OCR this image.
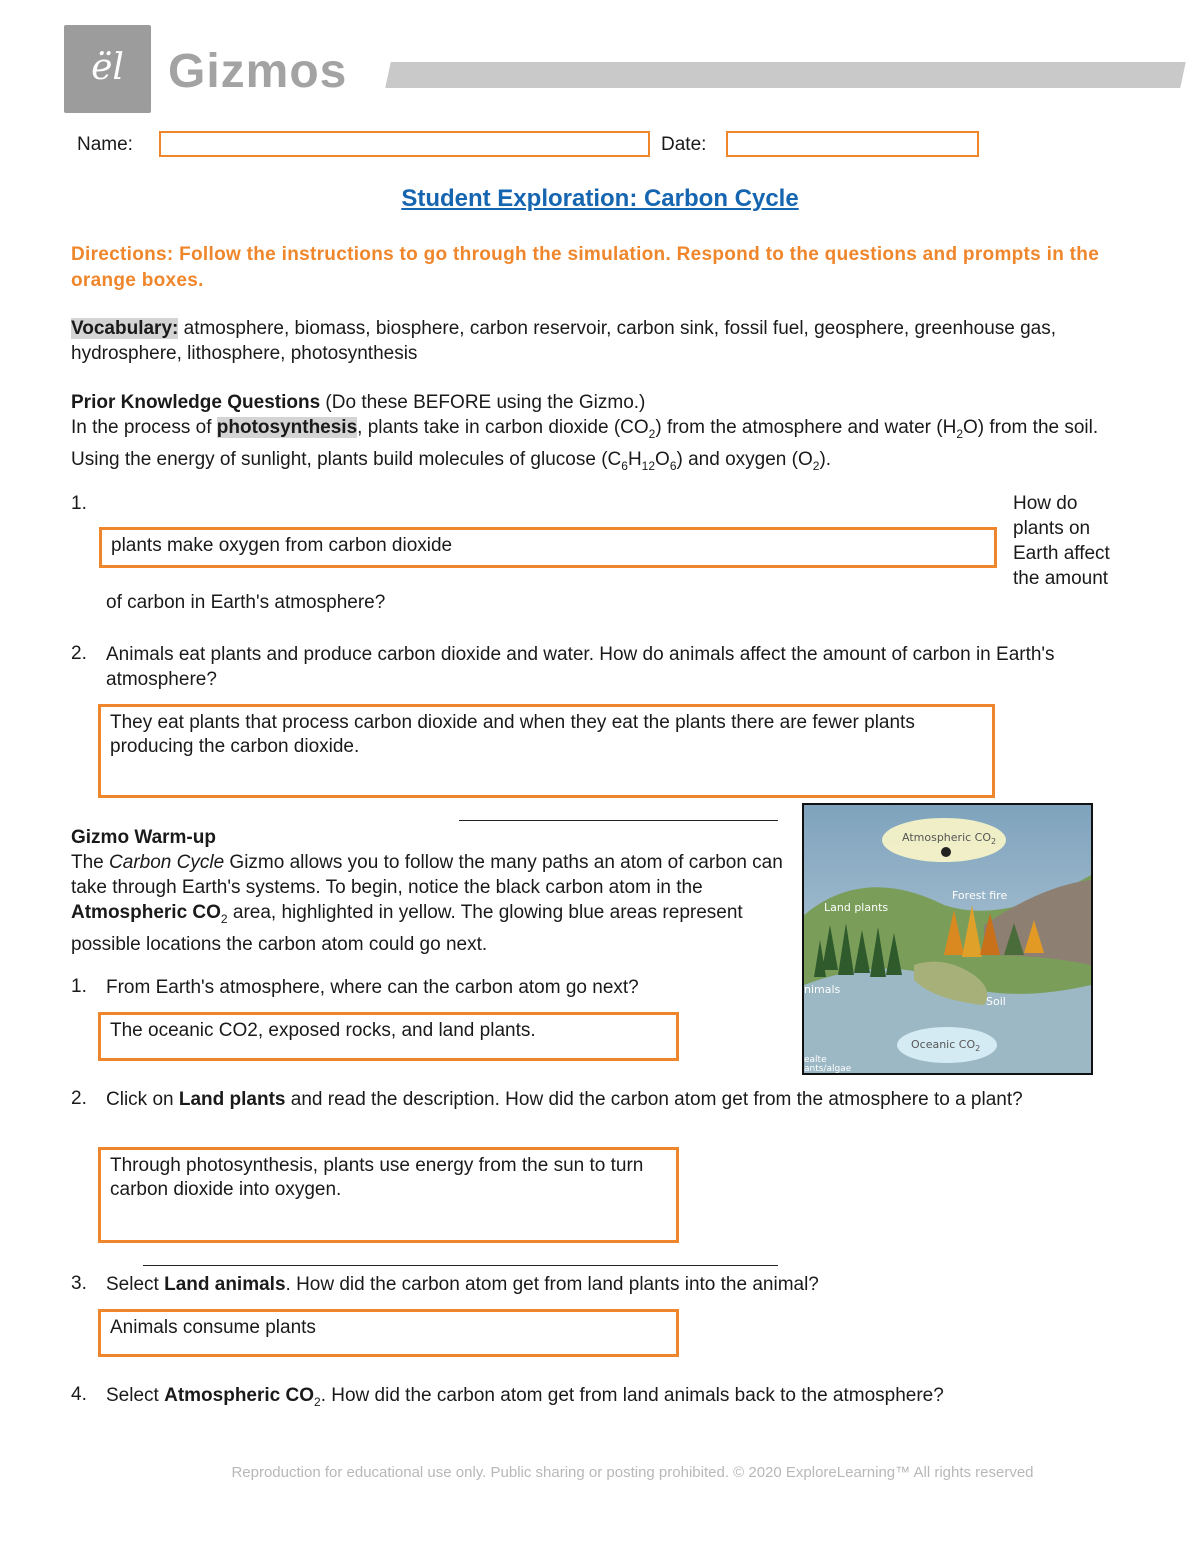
ël Gizmos
Name:	Date:
Student Exploration: Carbon Cycle
Directions: Follow the instructions to go through the simulation. Respond to the questions and prompts in the orange boxes.
Vocabulary: atmosphere, biomass, biosphere, carbon reservoir, carbon sink, fossil fuel, geosphere, greenhouse gas, hydrosphere, lithosphere, photosynthesis
Prior Knowledge Questions (Do these BEFORE using the Gizmo.)
In the process of photosynthesis, plants take in carbon dioxide $(CO_2)$ from the atmosphere and water $(H_2O)$ from the soil. Using the energy of sunlight, plants build molecules of glucose $(C_6H_{12}O_6)$ and oxygen $(O_2)$.
1.	How do plants on Earth affect the amount
plants make oxygen from carbon dioxide
of carbon in Earth's atmosphere?
2. Animals eat plants and produce carbon dioxide and water. How do animals affect the amount of carbon in Earth's atmosphere?
They eat plants that process carbon dioxide and when they eat the plants there are fewer plants producing the carbon dioxide.
Gizmo Warm-up
The Carbon Cycle Gizmo allows you to follow the many paths an atom of carbon can take through Earth's systems. To begin, notice the black carbon atom in the Atmospheric $CO_2$ area, highlighted in yellow. The glowing blue areas represent possible locations the carbon atom could go next.
Atmospheric $CO_2$
Forest fire
Land plants
nimals
Soil
Oceanic $CO_2$
ealte
ants/algae
1. From Earth's atmosphere, where can the carbon atom go next?
The oceanic CO2, exposed rocks, and land plants.
2. Click on Land plants and read the description. How did the carbon atom get from the atmosphere to a plant?
Through photosynthesis, plants use energy from the sun to turn carbon dioxide into oxygen.
3. Select Land animals. How did the carbon atom get from land plants into the animal?
Animals consume plants
4. Select Atmospheric $CO_2$. How did the carbon atom get from land animals back to the atmosphere?
Reproduction for educational use only. Public sharing or posting prohibited. © 2020 ExploreLearning™ All rights reserved
